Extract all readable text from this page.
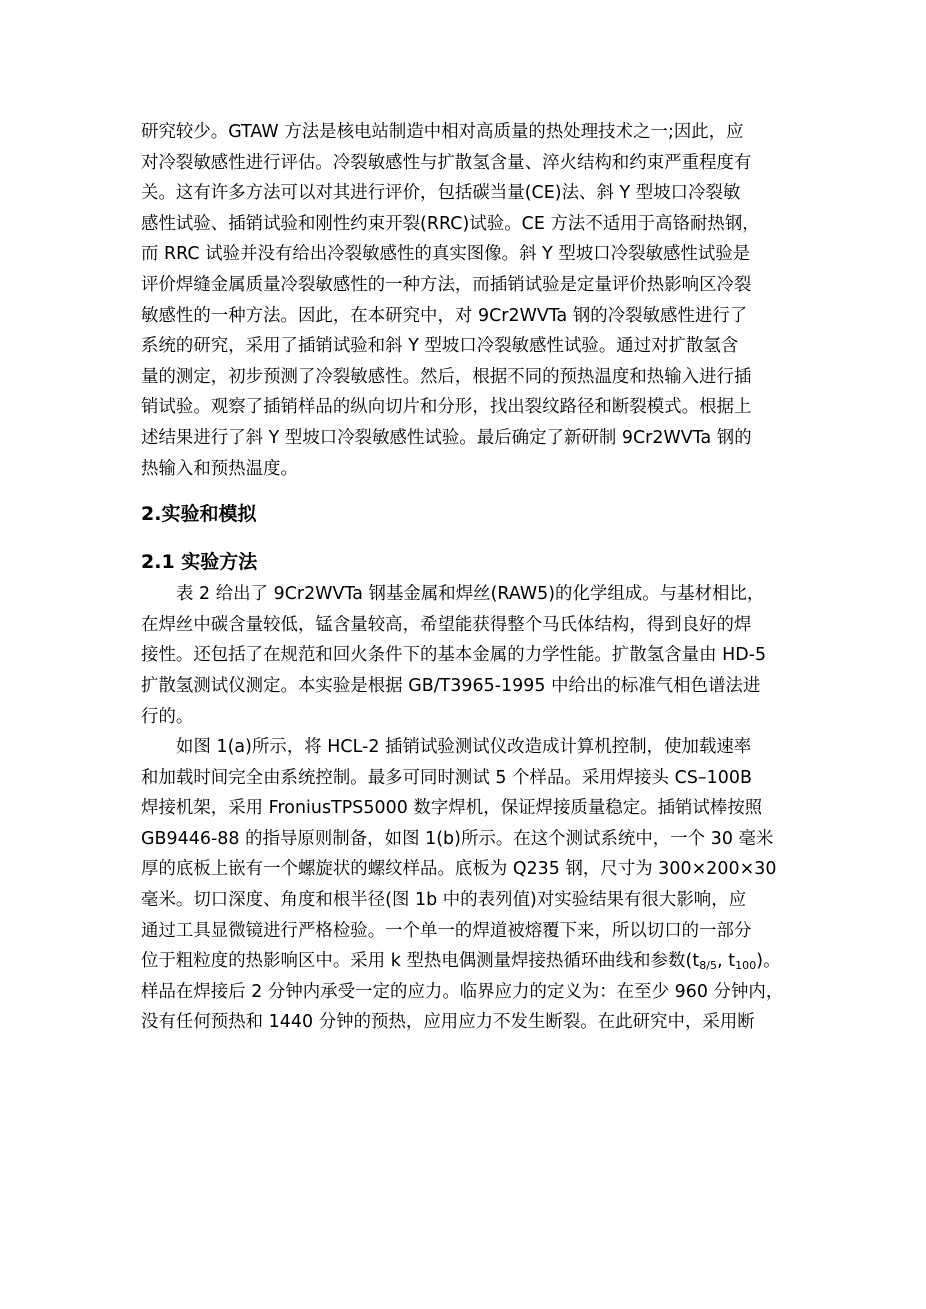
研究较少。GTAW 方法是核电站制造中相对高质量的热处理技术之一;因此，应
对冷裂敏感性进行评估。冷裂敏感性与扩散氢含量、淬火结构和约束严重程度有
关。这有许多方法可以对其进行评价，包括碳当量(CE)法、斜 Y 型坡口冷裂敏
感性试验、插销试验和刚性约束开裂(RRC)试验。CE 方法不适用于高铬耐热钢，
而 RRC 试验并没有给出冷裂敏感性的真实图像。斜 Y 型坡口冷裂敏感性试验是
评价焊缝金属质量冷裂敏感性的一种方法，而插销试验是定量评价热影响区冷裂
敏感性的一种方法。因此，在本研究中，对 9Cr2WVTa 钢的冷裂敏感性进行了
系统的研究，采用了插销试验和斜 Y 型坡口冷裂敏感性试验。通过对扩散氢含
量的测定，初步预测了冷裂敏感性。然后，根据不同的预热温度和热输入进行插
销试验。观察了插销样品的纵向切片和分形，找出裂纹路径和断裂模式。根据上
述结果进行了斜 Y 型坡口冷裂敏感性试验。最后确定了新研制 9Cr2WVTa 钢的
热输入和预热温度。

2.实验和模拟
2.1 实验方法

表 2 给出了 9Cr2WVTa 钢基金属和焊丝(RAW5)的化学组成。与基材相比，
在焊丝中碳含量较低，锰含量较高，希望能获得整个马氏体结构，得到良好的焊
接性。还包括了在规范和回火条件下的基本金属的力学性能。扩散氢含量由 HD-5
扩散氢测试仪测定。本实验是根据 GB/T3965-1995 中给出的标准气相色谱法进
行的。

如图 1(a)所示，将 HCL-2 插销试验测试仪改造成计算机控制，使加载速率
和加载时间完全由系统控制。最多可同时测试 5 个样品。采用焊接头 CS–100B
焊接机架，采用 FroniusTPS5000 数字焊机，保证焊接质量稳定。插销试棒按照
GB9446-88 的指导原则制备，如图 1(b)所示。在这个测试系统中，一个 30 毫米
厚的底板上嵌有一个螺旋状的螺纹样品。底板为 Q235 钢，尺寸为 300×200×30
毫米。切口深度、角度和根半径(图 1b 中的表列值)对实验结果有很大影响，应
通过工具显微镜进行严格检验。一个单一的焊道被熔覆下来，所以切口的一部分
位于粗粒度的热影响区中。采用 k 型热电偶测量焊接热循环曲线和参数($t_{8/5}$, $t_{100}$)。
样品在焊接后 2 分钟内承受一定的应力。临界应力的定义为：在至少 960 分钟内，
没有任何预热和 1440 分钟的预热，应用应力不发生断裂。在此研究中，采用断
